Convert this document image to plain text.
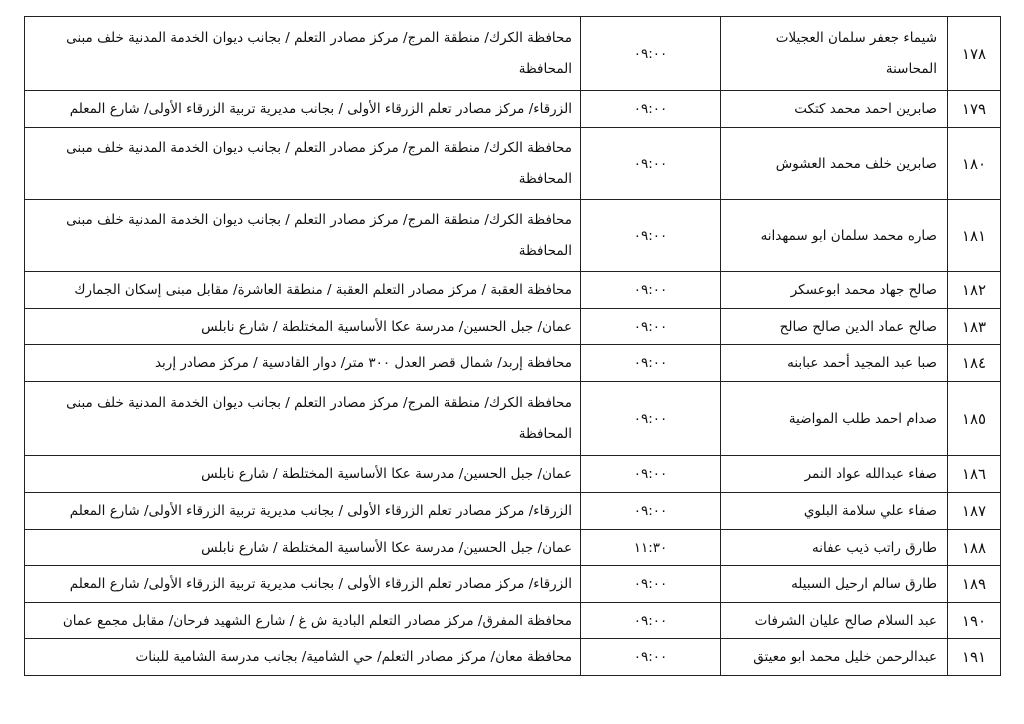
١٧٨	شيماء جعفر سلمان العجيلات المحاسنة	٠٩:٠٠	محافظة الكرك/ منطقة المرج/ مركز مصادر التعلم / بجانب ديوان الخدمة المدنية خلف مبنى المحافظة
١٧٩	صابرين احمد محمد كتكت	٠٩:٠٠	الزرقاء/ مركز مصادر تعلم الزرقاء الأولى / بجانب مديرية تربية الزرقاء الأولى/ شارع المعلم
١٨٠	صابرين خلف محمد العشوش	٠٩:٠٠	محافظة الكرك/ منطقة المرج/ مركز مصادر التعلم / بجانب ديوان الخدمة المدنية خلف مبنى المحافظة
١٨١	صاره محمد سلمان ابو سمهدانه	٠٩:٠٠	محافظة الكرك/ منطقة المرج/ مركز مصادر التعلم / بجانب ديوان الخدمة المدنية خلف مبنى المحافظة
١٨٢	صالح جهاد محمد ابوعسكر	٠٩:٠٠	محافظة العقبة / مركز مصادر التعلم العقبة / منطقة العاشرة/ مقابل مبنى إسكان الجمارك
١٨٣	صالح عماد الدين صالح صالح	٠٩:٠٠	عمان/ جبل الحسين/ مدرسة عكا الأساسية المختلطة / شارع نابلس
١٨٤	صبا عبد المجيد أحمد عبابنه	٠٩:٠٠	محافظة إربد/ شمال قصر العدل ٣٠٠ متر/ دوار القادسية / مركز مصادر إربد
١٨٥	صدام احمد طلب المواضية	٠٩:٠٠	محافظة الكرك/ منطقة المرج/ مركز مصادر التعلم / بجانب ديوان الخدمة المدنية خلف مبنى المحافظة
١٨٦	صفاء عبدالله عواد النمر	٠٩:٠٠	عمان/ جبل الحسين/ مدرسة عكا الأساسية المختلطة / شارع نابلس
١٨٧	صفاء علي سلامة البلوي	٠٩:٠٠	الزرقاء/ مركز مصادر تعلم الزرقاء الأولى / بجانب مديرية تربية الزرقاء الأولى/ شارع المعلم
١٨٨	طارق راتب ذيب عفانه	١١:٣٠	عمان/ جبل الحسين/ مدرسة عكا الأساسية المختلطة / شارع نابلس
١٨٩	طارق سالم ارحيل السبيله	٠٩:٠٠	الزرقاء/ مركز مصادر تعلم الزرقاء الأولى / بجانب مديرية تربية الزرقاء الأولى/ شارع المعلم
١٩٠	عبد السلام صالح عليان الشرفات	٠٩:٠٠	محافظة المفرق/ مركز مصادر التعلم البادية ش غ / شارع الشهيد فرحان/ مقابل مجمع عمان
١٩١	عبدالرحمن خليل محمد ابو معيتق	٠٩:٠٠	محافظة معان/ مركز مصادر التعلم/ حي الشامية/ بجانب مدرسة الشامية للبنات
